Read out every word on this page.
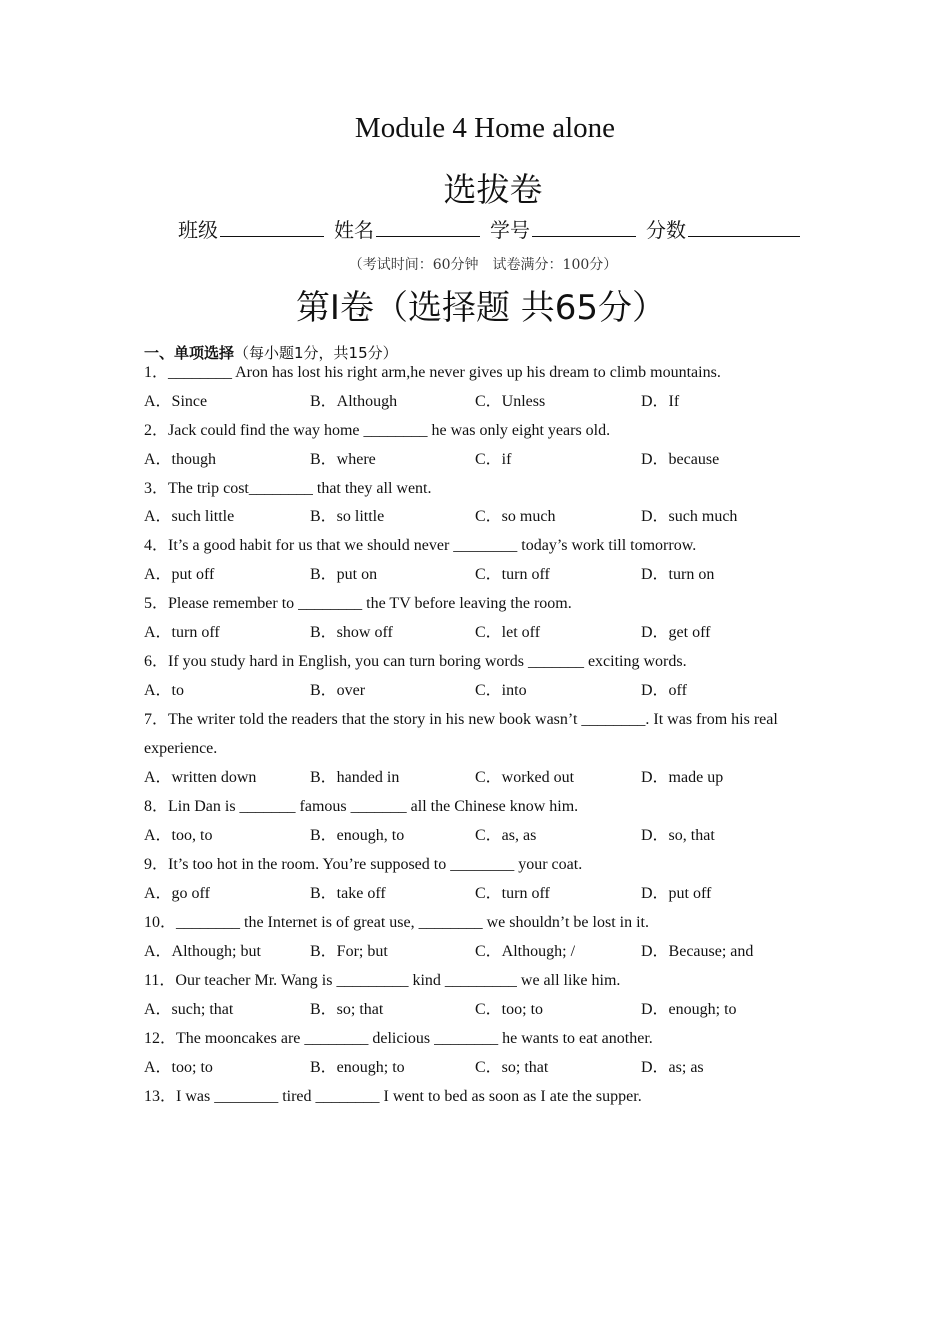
Module 4 Home alone
选拔卷
班级	姓名	学号	分数
（考试时间：60分钟　试卷满分：100分）
第Ⅰ卷（选择题 共65分）
一、单项选择（每小题1分，共15分）
1．________ Aron has lost his right arm,he never gives up his dream to climb mountains.
A．Since	B．Although	C．Unless	D．If
2．Jack could find the way home ________ he was only eight years old.
A．though	B．where	C．if	D．because
3．The trip cost________ that they all went.
A．such little	B．so little	C．so much	D．such much
4．It’s a good habit for us that we should never ________ today’s work till tomorrow.
A．put off	B．put on	C．turn off	D．turn on
5．Please remember to ________ the TV before leaving the room.
A．turn off	B．show off	C．let off	D．get off
6．If you study hard in English, you can turn boring words _______ exciting words.
A．to	B．over	C．into	D．off
7．The writer told the readers that the story in his new book wasn’t ________. It was from his real experience.
A．written down	B．handed in	C．worked out	D．made up
8．Lin Dan is _______ famous _______ all the Chinese know him.
A．too, to	B．enough, to	C．as, as	D．so, that
9．It’s too hot in the room. You’re supposed to ________ your coat.
A．go off	B．take off	C．turn off	D．put off
10．________ the Internet is of great use, ________ we shouldn’t be lost in it.
A．Although; but	B．For; but	C．Although; /	D．Because; and
11．Our teacher Mr. Wang is _________ kind _________ we all like him.
A．such; that	B．so; that	C．too; to	D．enough; to
12．The mooncakes are ________ delicious ________ he wants to eat another.
A．too; to	B．enough; to	C．so; that	D．as; as
13．I was ________ tired ________ I went to bed as soon as I ate the supper.
